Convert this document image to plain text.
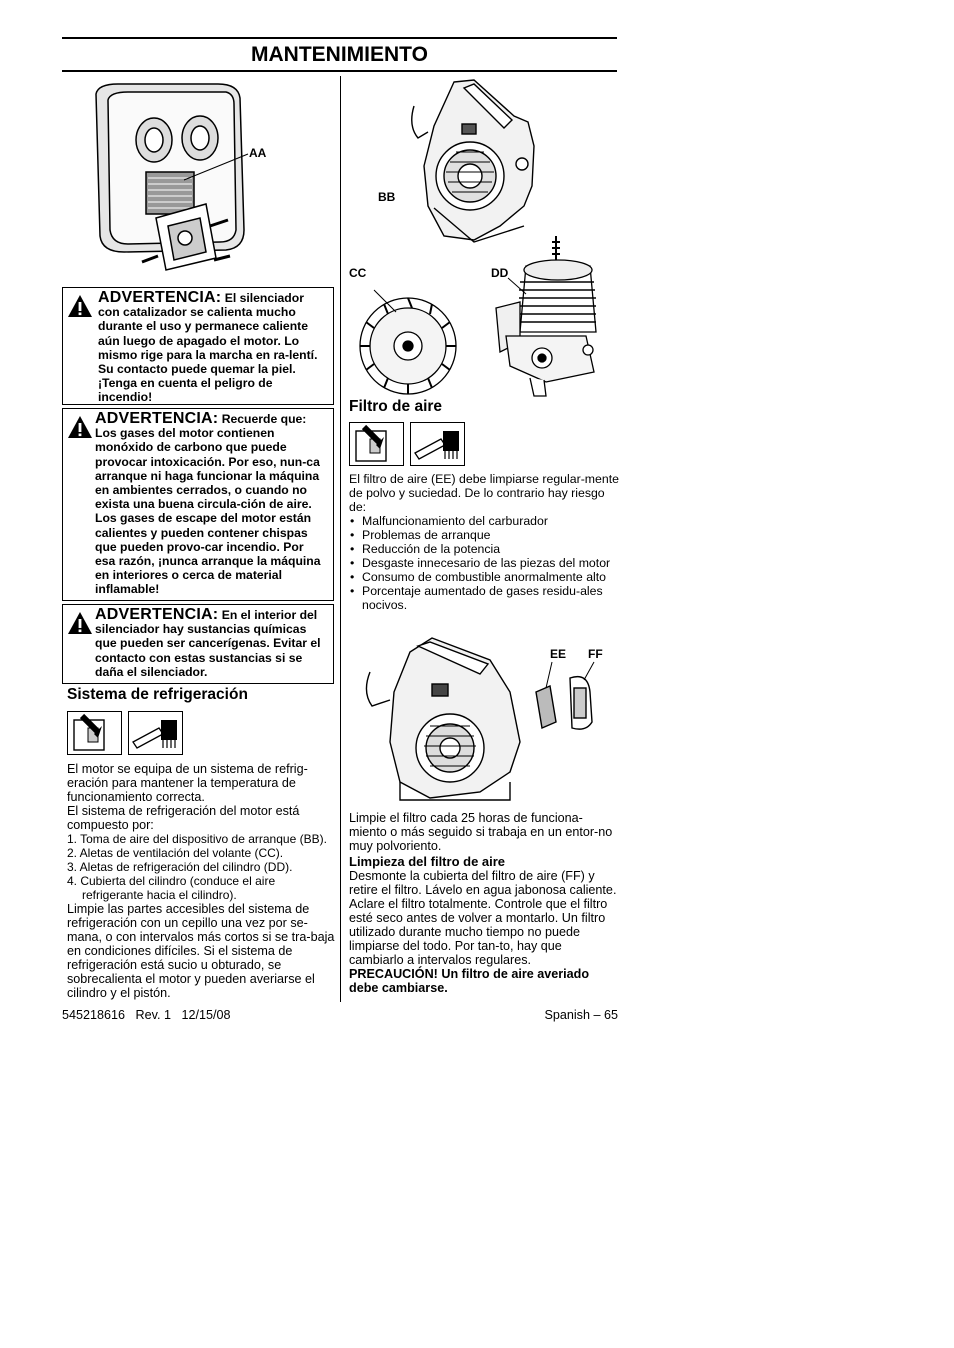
MANTENIMIENTO
AA
ADVERTENCIA: El silenciador con catalizador se calienta mucho durante el uso y permanece caliente aún luego de apagado el motor. Lo mismo rige para la marcha en ra-lentí. Su contacto puede quemar la piel. ¡Tenga en cuenta el peligro de incendio!
ADVERTENCIA: Recuerde que: Los gases del motor contienen monóxido de carbono que puede provocar intoxicación. Por eso, nun-ca arranque ni haga funcionar la máquina en ambientes cerrados, o cuando no exista una buena circula-ción de aire. Los gases de escape del motor están calientes y pueden contener chispas que pueden provo-car incendio. Por esa razón, ¡nunca arranque la máquina en interiores o cerca de material inflamable!
ADVERTENCIA: En el interior del silenciador hay sustancias químicas que pueden ser cancerígenas. Evitar el contacto con estas sustancias si se daña el silenciador.
Sistema de refrigeración
El motor se equipa de un sistema de refrig-eración para mantener la temperatura de funcionamiento correcta.
El sistema de refrigeración del motor está compuesto por:
1. Toma de aire del dispositivo de arranque (BB).
2. Aletas de ventilación del volante (CC).
3. Aletas de refrigeración del cilindro (DD).
4. Cubierta del cilindro (conduce el aire refrigerante hacia el cilindro).
Limpie las partes accesibles del sistema de refrigeración con un cepillo una vez por se-mana, o con intervalos más cortos si se tra-baja en condiciones difíciles. Si el sistema de refrigeración está sucio u obturado, se sobrecalienta el motor y pueden averiarse el cilindro y el pistón.
BB
CC	DD
Filtro de aire
El filtro de aire (EE) debe limpiarse regular-mente de polvo y suciedad. De lo contrario hay riesgo de:
• Malfuncionamiento del carburador
• Problemas de arranque
• Reducción de la potencia
• Desgaste innecesario de las piezas del motor
• Consumo de combustible anormalmente alto
• Porcentaje aumentado de gases residu-ales nocivos.
EE FF
Limpie el filtro cada 25 horas de funciona-miento o más seguido si trabaja en un entor-no muy polvoriento.
Limpieza del filtro de aire
Desmonte la cubierta del filtro de aire (FF) y retire el filtro. Lávelo en agua jabonosa caliente. Aclare el filtro totalmente. Controle que el filtro esté seco antes de volver a montarlo. Un filtro utilizado durante mucho tiempo no puede limpiarse del todo. Por tan-to, hay que cambiarlo a intervalos regulares.
PRECAUCIÓN! Un filtro de aire averiado debe cambiarse.
545218616   Rev. 1   12/15/08	Spanish – 65
